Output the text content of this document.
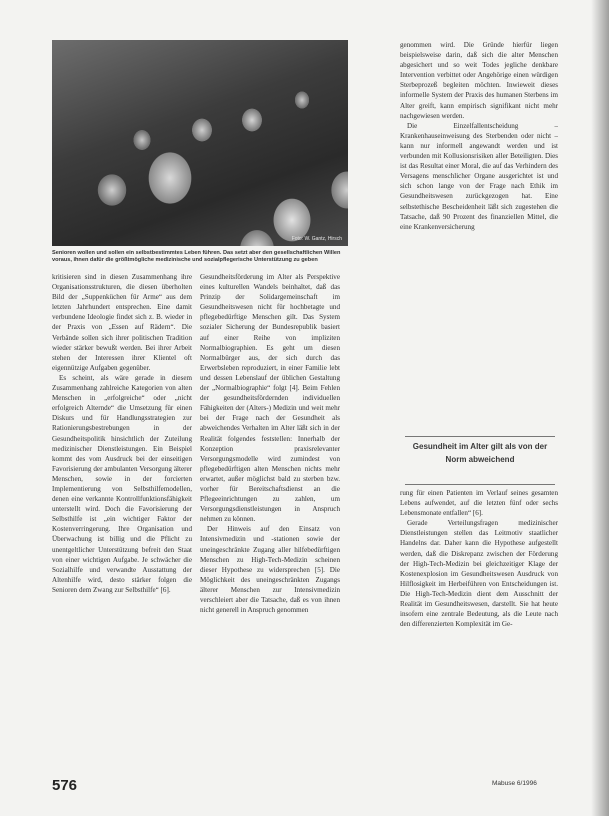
Foto: W. Gantz, Hirsch
Senioren wollen und sollen ein selbstbestimmtes Leben führen. Das setzt aber den gesellschaftlichen Willen voraus, ihnen dafür die größtmögliche medizinische und sozialpflegerische Unterstützung zu geben

kritisieren sind in diesen Zusammenhang ihre Organisationsstrukturen, die diesen überholten Bild der „Suppenküchen für Arme“ aus dem letzten Jahrhundert entsprechen. Eine damit verbundene Ideologie findet sich z. B. wieder in der Praxis von „Essen auf Rädern“. Die Verbände sollen sich ihrer politischen Tradition wieder stärker bewußt werden. Bei ihrer Arbeit stehen der Interessen ihrer Klientel oft eigennützige Aufgaben gegenüber.

Es scheint, als wäre gerade in diesem Zusammenhang zahlreiche Kategorien von alten Menschen in „erfolgreiche“ oder „nicht erfolgreich Alternde“ die Umsetzung für einen Diskurs und für Handlungsstrategien zur Rationierungsbestrebungen in der Gesundheitspolitik hinsichtlich der Zuteilung medizinischer Dienstleistungen. Ein Beispiel kommt des vom Ausdruck bei der einseitigen Favorisierung der ambulanten Versorgung älterer Menschen, sowie in der forcierten Implementierung von Selbsthilfemodellen, denen eine verkannte Kontrollfunktionsfähigkeit unterstellt wird. Doch die Favorisierung der Selbsthilfe ist „ein wichtiger Faktor der Kostenverringerung. Ihre Organisation und Überwachung ist billig und die Pflicht zu unentgeltlicher Unterstützung befreit den Staat von einer wichtigen Aufgabe. Je schwächer die Sozialhilfe und verwandte Ausstattung der Altenhilfe wird, desto stärker folgen die Senioren dem Zwang zur Selbsthilfe“ [6].

Gesundheitsförderung im Alter als Perspektive eines kulturellen Wandels beinhaltet, daß das Prinzip der Solidargemeinschaft im Gesundheitswesen nicht für hochbetagte und pflegebedürftige Menschen gilt. Das System sozialer Sicherung der Bundesrepublik basiert auf einer Reihe von impliziten Normalbiographien. Es geht um diesen Normalbürger aus, der sich durch das Erwerbsleben reproduziert, in einer Familie lebt und dessen Lebenslauf der üblichen Gestaltung der „Normalbiographie“ folgt [4]. Beim Fehlen der gesundheitsfördernden individuellen Fähigkeiten der (Alters-) Medizin und weit mehr bei der Frage nach der Gesundheit als abweichendes Verhalten im Alter läßt sich in der Realität folgendes feststellen: Innerhalb der Konzeption praxisrelevanter Versorgungsmodelle wird zumindest von pflegebedürftigen alten Menschen nichts mehr erwartet, außer möglichst bald zu sterben bzw. vorher für Bereitschaftsdienst an die Pflegeeinrichtungen zu zahlen, um Versorgungsdienstleistungen in Anspruch nehmen zu können.

Der Hinweis auf den Einsatz von Intensivmedizin und -stationen sowie der uneingeschränkte Zugang aller hilfebedürftigen Menschen zu High-Tech-Medizin scheinen dieser Hypothese zu widersprechen [5]. Die Möglichkeit des uneingeschränkten Zugangs älterer Menschen zur Intensivmedizin verschleiert aber die Tatsache, daß es von ihnen nicht generell in Anspruch genommen

genommen wird. Die Gründe hierfür liegen beispielsweise darin, daß sich die alter Menschen abgesichert und so weit Todes jegliche denkbare Intervention verbittet oder Angehörige einen würdigen Sterbeprozeß begleiten möchten. Inwieweit dieses informelle System der Praxis des humanen Sterbens im Alter greift, kann empirisch signifikant nicht mehr nachgewiesen werden.

Die Einzelfallentscheidung – Krankenhauseinweisung des Sterbenden oder nicht – kann nur informell angewandt werden und ist verbunden mit Kollusionsrisiken aller Beteiligten. Dies ist das Resultat einer Moral, die auf das Verhindern des Versagens menschlicher Organe ausgerichtet ist und sich schon lange von der Frage nach Ethik im Gesundheitswesen zurückgezogen hat. Eine selbstethische Bescheidenheit läßt sich zugestehen die Tatsache, daß 90 Prozent des finanziellen Mittel, die eine Krankenversicherung

Gesundheit im Alter gilt als von der Norm abweichend

rung für einen Patienten im Verlauf seines gesamten Lebens aufwendet, auf die letzten fünf oder sechs Lebensmonate entfallen“ [6].

Gerade Verteilungsfragen medizinischer Dienstleistungen stellen das Leitmotiv staatlicher Handelns dar. Daher kann die Hypothese aufgestellt werden, daß die Diskrepanz zwischen der Förderung der High-Tech-Medizin bei gleichzeitiger Klage der Kostenexplosion im Gesundheitswesen Ausdruck von Hilflosigkeit im Herbeiführen von Entscheidungen ist. Die High-Tech-Medizin dient dem Ausschnitt der Realität im Gesundheitswesen, darstellt. Sie hat heute insofern eine zentrale Bedeutung, als die Leute nach den differenzierten Komplexität im Ge-

576	Mabuse 6/1996
